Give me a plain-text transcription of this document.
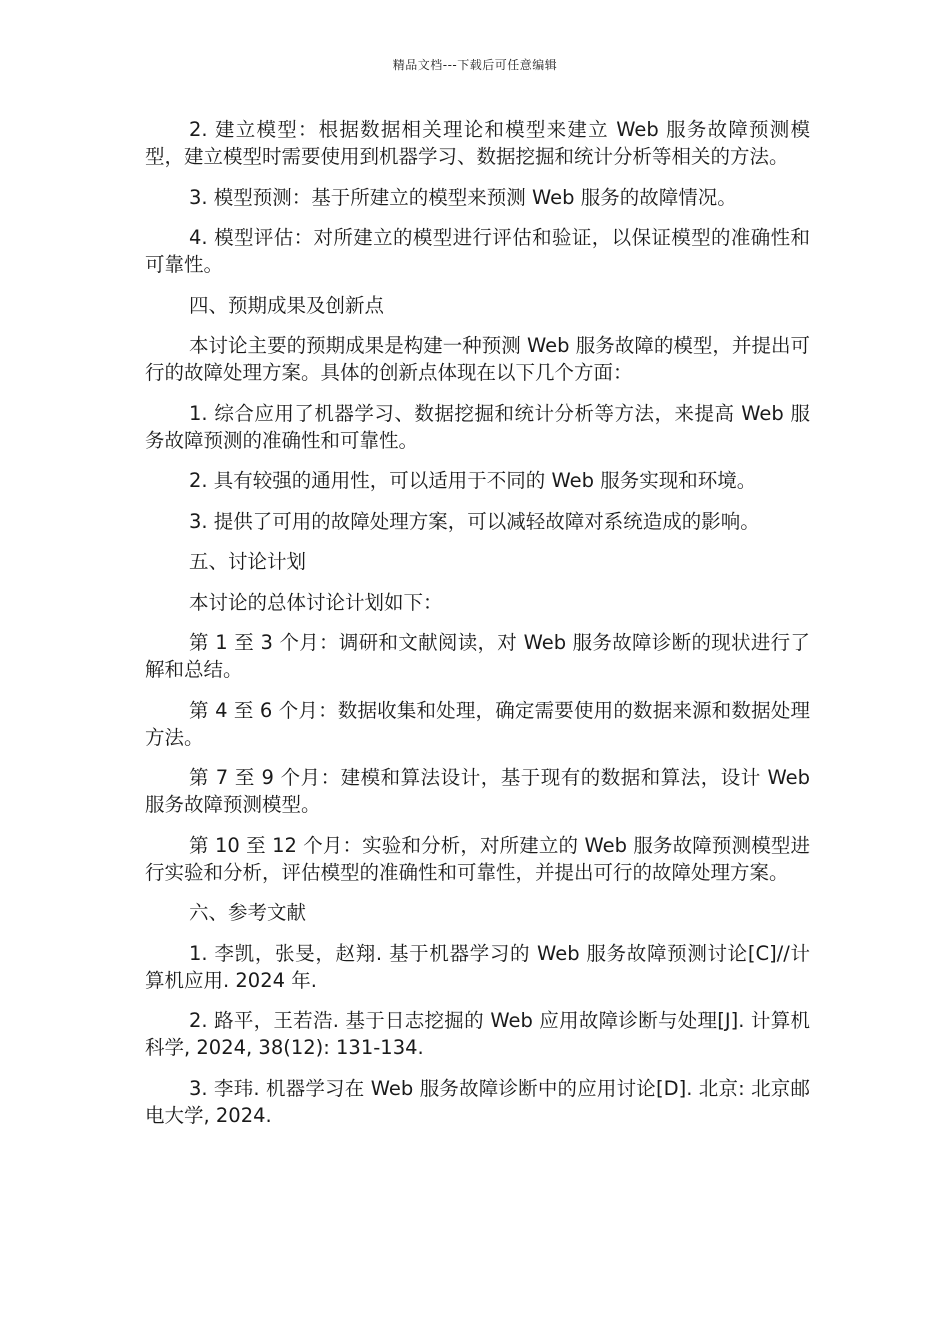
精品文档---下载后可任意编辑

2. 建立模型：根据数据相关理论和模型来建立 Web 服务故障预测模型，建立模型时需要使用到机器学习、数据挖掘和统计分析等相关的方法。

3. 模型预测：基于所建立的模型来预测 Web 服务的故障情况。

4. 模型评估：对所建立的模型进行评估和验证，以保证模型的准确性和可靠性。

四、预期成果及创新点

本讨论主要的预期成果是构建一种预测 Web 服务故障的模型，并提出可行的故障处理方案。具体的创新点体现在以下几个方面：

1. 综合应用了机器学习、数据挖掘和统计分析等方法，来提高 Web 服务故障预测的准确性和可靠性。

2. 具有较强的通用性，可以适用于不同的 Web 服务实现和环境。

3. 提供了可用的故障处理方案，可以减轻故障对系统造成的影响。

五、讨论计划

本讨论的总体讨论计划如下：

第 1 至 3 个月：调研和文献阅读，对 Web 服务故障诊断的现状进行了解和总结。

第 4 至 6 个月：数据收集和处理，确定需要使用的数据来源和数据处理方法。

第 7 至 9 个月：建模和算法设计，基于现有的数据和算法，设计 Web 服务故障预测模型。

第 10 至 12 个月：实验和分析，对所建立的 Web 服务故障预测模型进行实验和分析，评估模型的准确性和可靠性，并提出可行的故障处理方案。

六、参考文献

1. 李凯，张旻，赵翔. 基于机器学习的 Web 服务故障预测讨论[C]//计算机应用. 2024 年.

2. 路平，王若浩. 基于日志挖掘的 Web 应用故障诊断与处理[J]. 计算机科学, 2024, 38(12): 131-134.

3. 李玮. 机器学习在 Web 服务故障诊断中的应用讨论[D]. 北京: 北京邮电大学, 2024.
